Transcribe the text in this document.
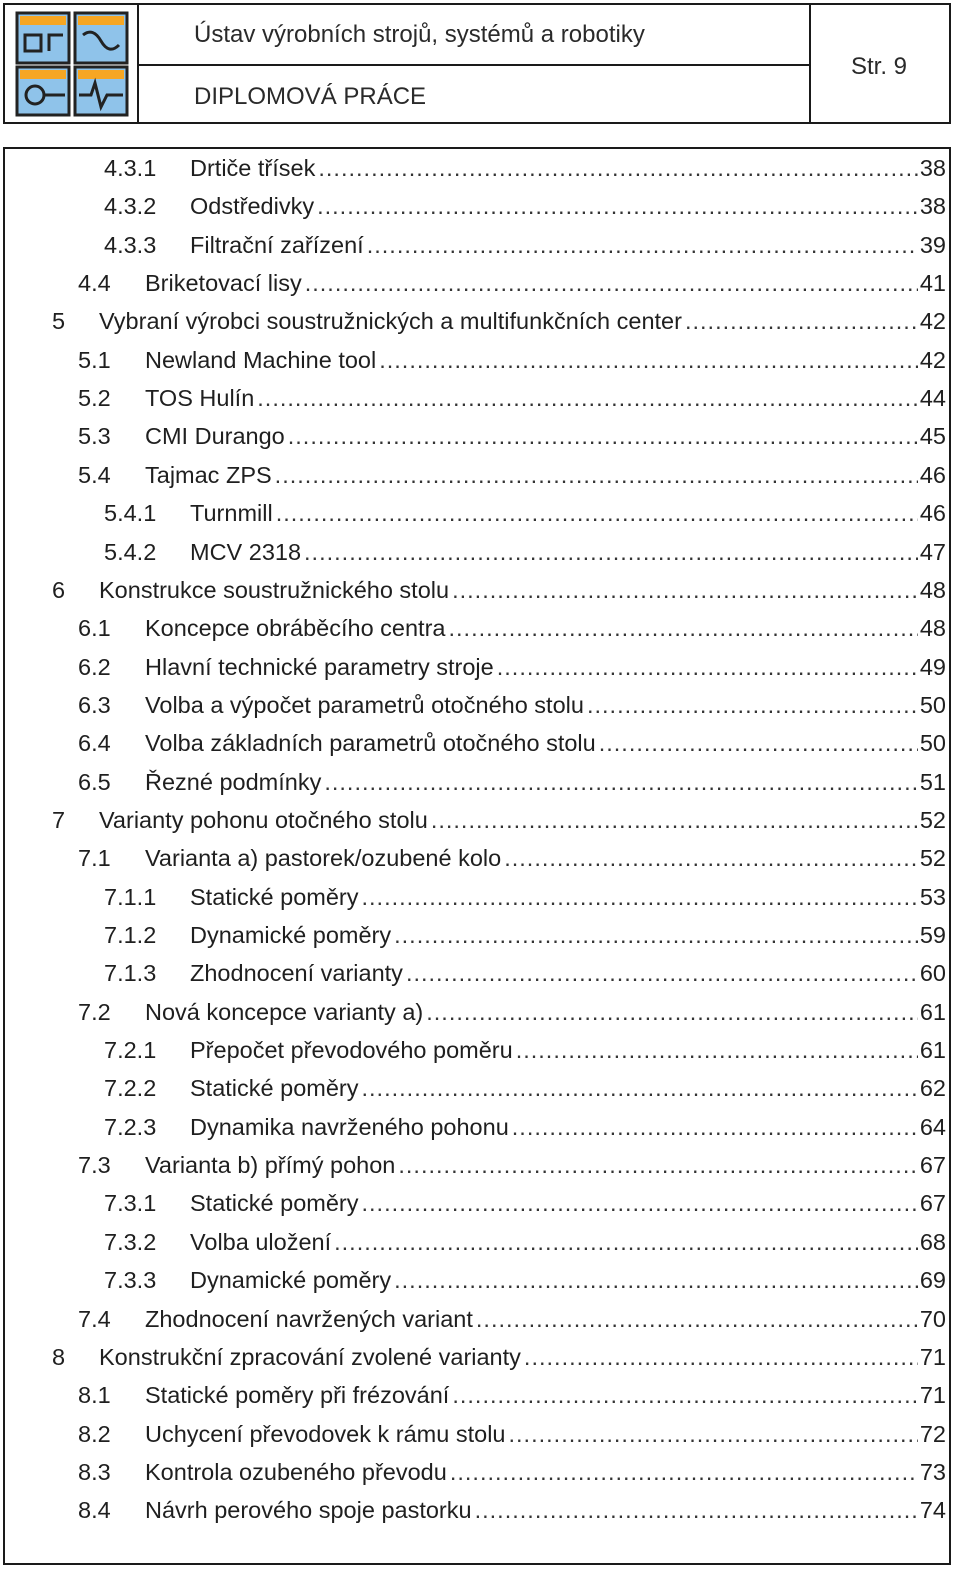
Ústav výrobních strojů, systémů a robotiky
DIPLOMOVÁ PRÁCE
Str. 9
4.3.1	Drtiče třísek .....	38
4.3.2	Odstředivky .....	38
4.3.3	Filtrační zařízení .....	39
4.4	Briketovací lisy .....	41
5	Vybraní výrobci soustružnických a multifunkčních center .....	42
5.1	Newland Machine tool .....	42
5.2	TOS Hulín .....	44
5.3	CMI Durango .....	45
5.4	Tajmac ZPS .....	46
5.4.1	Turnmill .....	46
5.4.2	MCV 2318 .....	47
6	Konstrukce soustružnického stolu .....	48
6.1	Koncepce obráběcího centra .....	48
6.2	Hlavní technické parametry stroje .....	49
6.3	Volba a výpočet parametrů otočného stolu .....	50
6.4	Volba základních parametrů otočného stolu .....	50
6.5	Řezné podmínky .....	51
7	Varianty pohonu otočného stolu .....	52
7.1	Varianta a) pastorek/ozubené kolo .....	52
7.1.1	Statické poměry .....	53
7.1.2	Dynamické poměry .....	59
7.1.3	Zhodnocení varianty .....	60
7.2	Nová koncepce varianty a) .....	61
7.2.1	Přepočet převodového poměru .....	61
7.2.2	Statické poměry .....	62
7.2.3	Dynamika navrženého pohonu .....	64
7.3	Varianta b) přímý pohon .....	67
7.3.1	Statické poměry .....	67
7.3.2	Volba uložení .....	68
7.3.3	Dynamické poměry .....	69
7.4	Zhodnocení navržených variant .....	70
8	Konstrukční zpracování zvolené varianty .....	71
8.1	Statické poměry při frézování .....	71
8.2	Uchycení převodovek k rámu stolu .....	72
8.3	Kontrola ozubeného převodu .....	73
8.4	Návrh perového spoje pastorku .....	74
